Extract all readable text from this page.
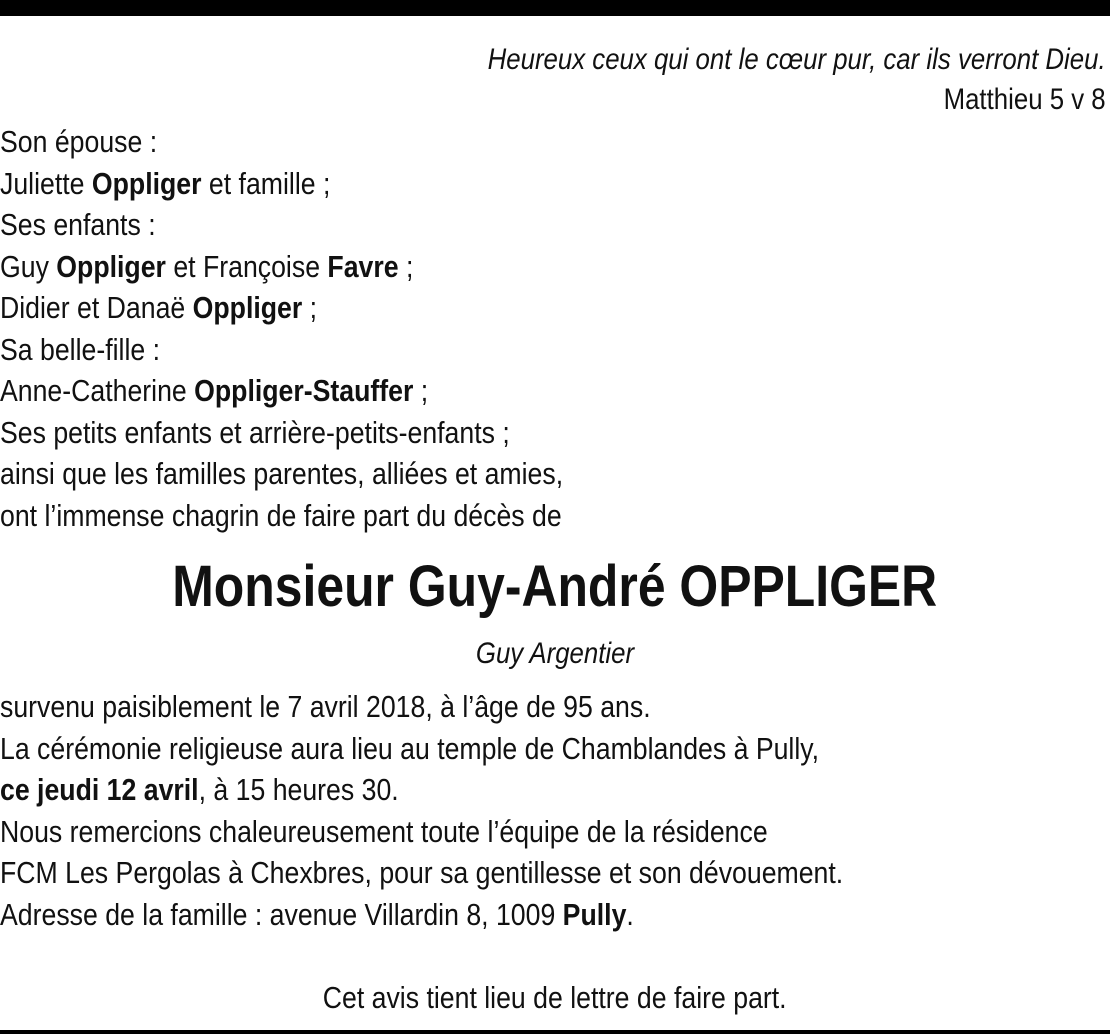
Heureux ceux qui ont le cœur pur, car ils verront Dieu.
Matthieu 5 v 8
Son épouse :
Juliette Oppliger et famille ;
Ses enfants :
Guy Oppliger et Françoise Favre ;
Didier et Danaë Oppliger ;
Sa belle-fille :
Anne-Catherine Oppliger-Stauffer ;
Ses petits enfants et arrière-petits-enfants ;
ainsi que les familles parentes, alliées et amies,
ont l’immense chagrin de faire part du décès de
Monsieur Guy-André OPPLIGER
Guy Argentier
survenu paisiblement le 7 avril 2018, à l’âge de 95 ans.
La cérémonie religieuse aura lieu au temple de Chamblandes à Pully,
ce jeudi 12 avril, à 15 heures 30.
Nous remercions chaleureusement toute l’équipe de la résidence
FCM Les Pergolas à Chexbres, pour sa gentillesse et son dévouement.
Adresse de la famille : avenue Villardin 8, 1009 Pully.
Cet avis tient lieu de lettre de faire part.
